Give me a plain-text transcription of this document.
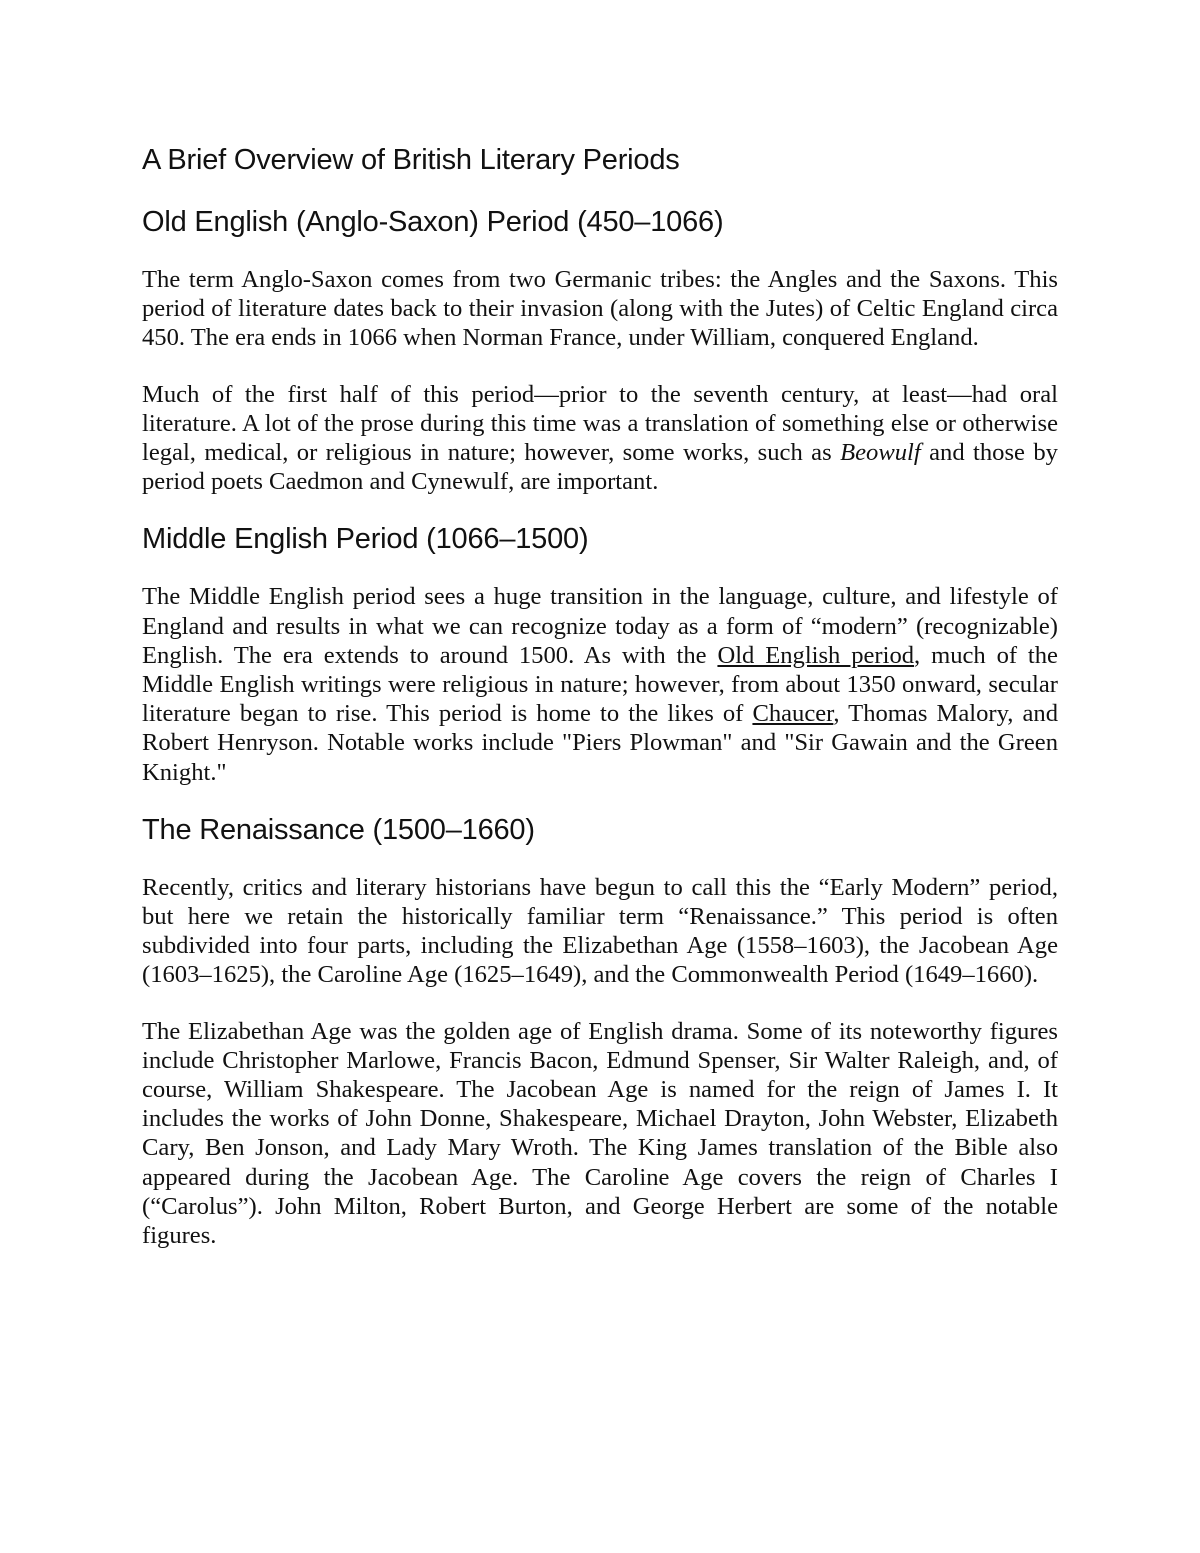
A Brief Overview of British Literary Periods
Old English (Anglo-Saxon) Period (450–1066)

The term Anglo-Saxon comes from two Germanic tribes: the Angles and the Saxons. This period of literature dates back to their invasion (along with the Jutes) of Celtic England circa 450. The era ends in 1066 when Norman France, under William, conquered England.

Much of the first half of this period—prior to the seventh century, at least—had oral literature. A lot of the prose during this time was a translation of something else or otherwise legal, medical, or religious in nature; however, some works, such as Beowulf and those by period poets Caedmon and Cynewulf, are important.

Middle English Period (1066–1500)

The Middle English period sees a huge transition in the language, culture, and lifestyle of England and results in what we can recognize today as a form of “modern” (recognizable) English. The era extends to around 1500. As with the Old English period, much of the Middle English writings were religious in nature; however, from about 1350 onward, secular literature began to rise. This period is home to the likes of Chaucer, Thomas Malory, and Robert Henryson. Notable works include "Piers Plowman" and "Sir Gawain and the Green Knight."

The Renaissance (1500–1660)

Recently, critics and literary historians have begun to call this the “Early Modern” period, but here we retain the historically familiar term “Renaissance.” This period is often subdivided into four parts, including the Elizabethan Age (1558–1603), the Jacobean Age (1603–1625), the Caroline Age (1625–1649), and the Commonwealth Period (1649–1660).

The Elizabethan Age was the golden age of English drama. Some of its noteworthy figures include Christopher Marlowe, Francis Bacon, Edmund Spenser, Sir Walter Raleigh, and, of course, William Shakespeare. The Jacobean Age is named for the reign of James I. It includes the works of John Donne, Shakespeare, Michael Drayton, John Webster, Elizabeth Cary, Ben Jonson, and Lady Mary Wroth. The King James translation of the Bible also appeared during the Jacobean Age. The Caroline Age covers the reign of Charles I (“Carolus”). John Milton, Robert Burton, and George Herbert are some of the notable figures.
